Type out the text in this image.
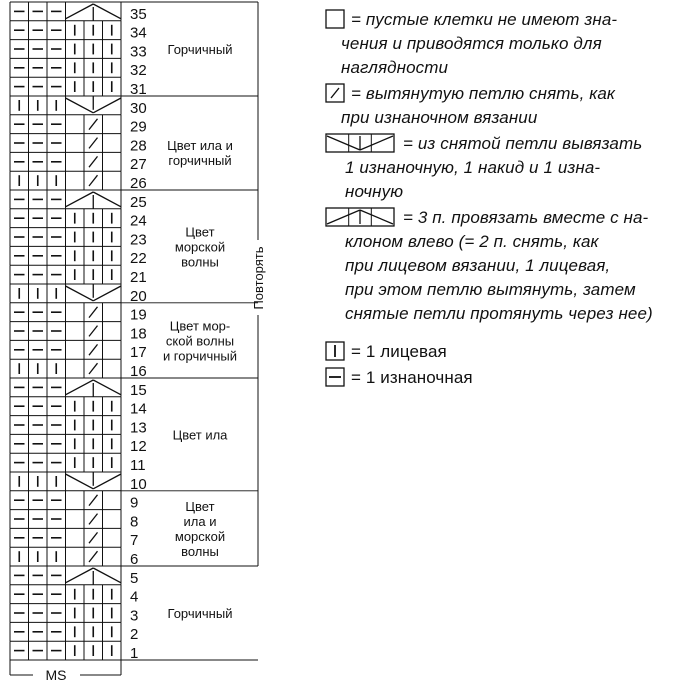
1
2
3
4
5
6
7
8
9
10
11
12
13
14
15
16
17
18
19
20
21
22
23
24
25
26
27
28
29
30
31
32
33
34
35
Горчичный
Цвет ила и
горчичный
Цвет
морской
волны
Цвет мор-
ской волны
и горчичный
Цвет ила
Цвет
ила и
морской
волны
Горчичный
Повторять
MS
= пустые клетки не имеют зна-
чения и приводятся только для
наглядности
= вытянутую петлю снять, как
при изнаночном вязании
= из снятой петли вывязать
1 изнаночную, 1 накид и 1 изна-
ночную
= 3 п. провязать вместе с на-
клоном влево (= 2 п. снять, как
при лицевом вязании, 1 лицевая,
при этом петлю вытянуть, затем
снятые петли протянуть через нее)
= 1 лицевая
= 1 изнаночная
